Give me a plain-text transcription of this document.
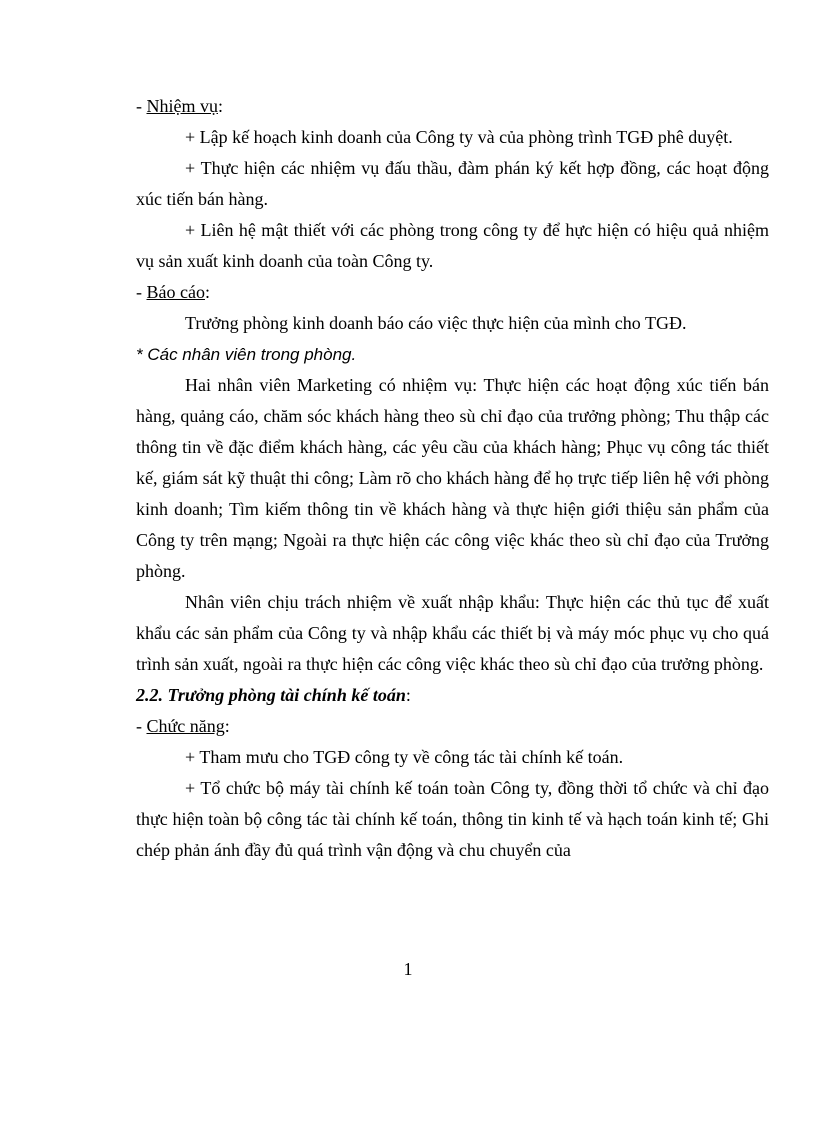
- Nhiệm vụ:

+ Lập kế hoạch kinh doanh của Công ty và của phòng trình TGĐ phê duyệt.

+ Thực hiện các nhiệm vụ đấu thầu, đàm phán ký kết hợp đồng, các hoạt động xúc tiến bán hàng.

+ Liên hệ mật thiết với các phòng trong công ty để hực hiện có hiệu quả nhiệm vụ sản xuất kinh doanh của toàn Công ty.

- Báo cáo:

Trưởng phòng kinh doanh báo cáo việc thực hiện của mình cho TGĐ.

* Các nhân viên trong phòng.

Hai nhân viên Marketing có nhiệm vụ: Thực hiện các hoạt động xúc tiến bán hàng, quảng cáo, chăm sóc khách hàng theo sù chỉ đạo của trưởng phòng; Thu thập các thông tin về đặc điểm khách hàng, các yêu cầu của khách hàng; Phục vụ công tác thiết kế, giám sát kỹ thuật thi công; Làm rõ cho khách hàng để họ trực tiếp liên hệ với phòng kinh doanh; Tìm kiếm thông tin về khách hàng và thực hiện giới thiệu sản phẩm của Công ty trên mạng; Ngoài ra thực hiện các công việc khác theo sù chỉ đạo của Trưởng phòng.

Nhân viên chịu trách nhiệm về xuất nhập khẩu: Thực hiện các thủ tục để xuất khẩu các sản phẩm của Công ty và nhập khẩu các thiết bị và máy móc phục vụ cho quá trình sản xuất, ngoài ra thực hiện các công việc khác theo sù chỉ đạo của trưởng phòng.

2.2. Trưởng phòng tài chính kế toán:
- Chức năng:

+ Tham mưu cho TGĐ công ty về công tác tài chính kế toán.

+ Tổ chức bộ máy tài chính kế toán toàn Công ty, đồng thời tổ chức và chỉ đạo thực hiện toàn bộ công tác tài chính kế toán, thông tin kinh tế và hạch toán kinh tế; Ghi chép phản ánh đầy đủ quá trình vận động và chu chuyển của

1
